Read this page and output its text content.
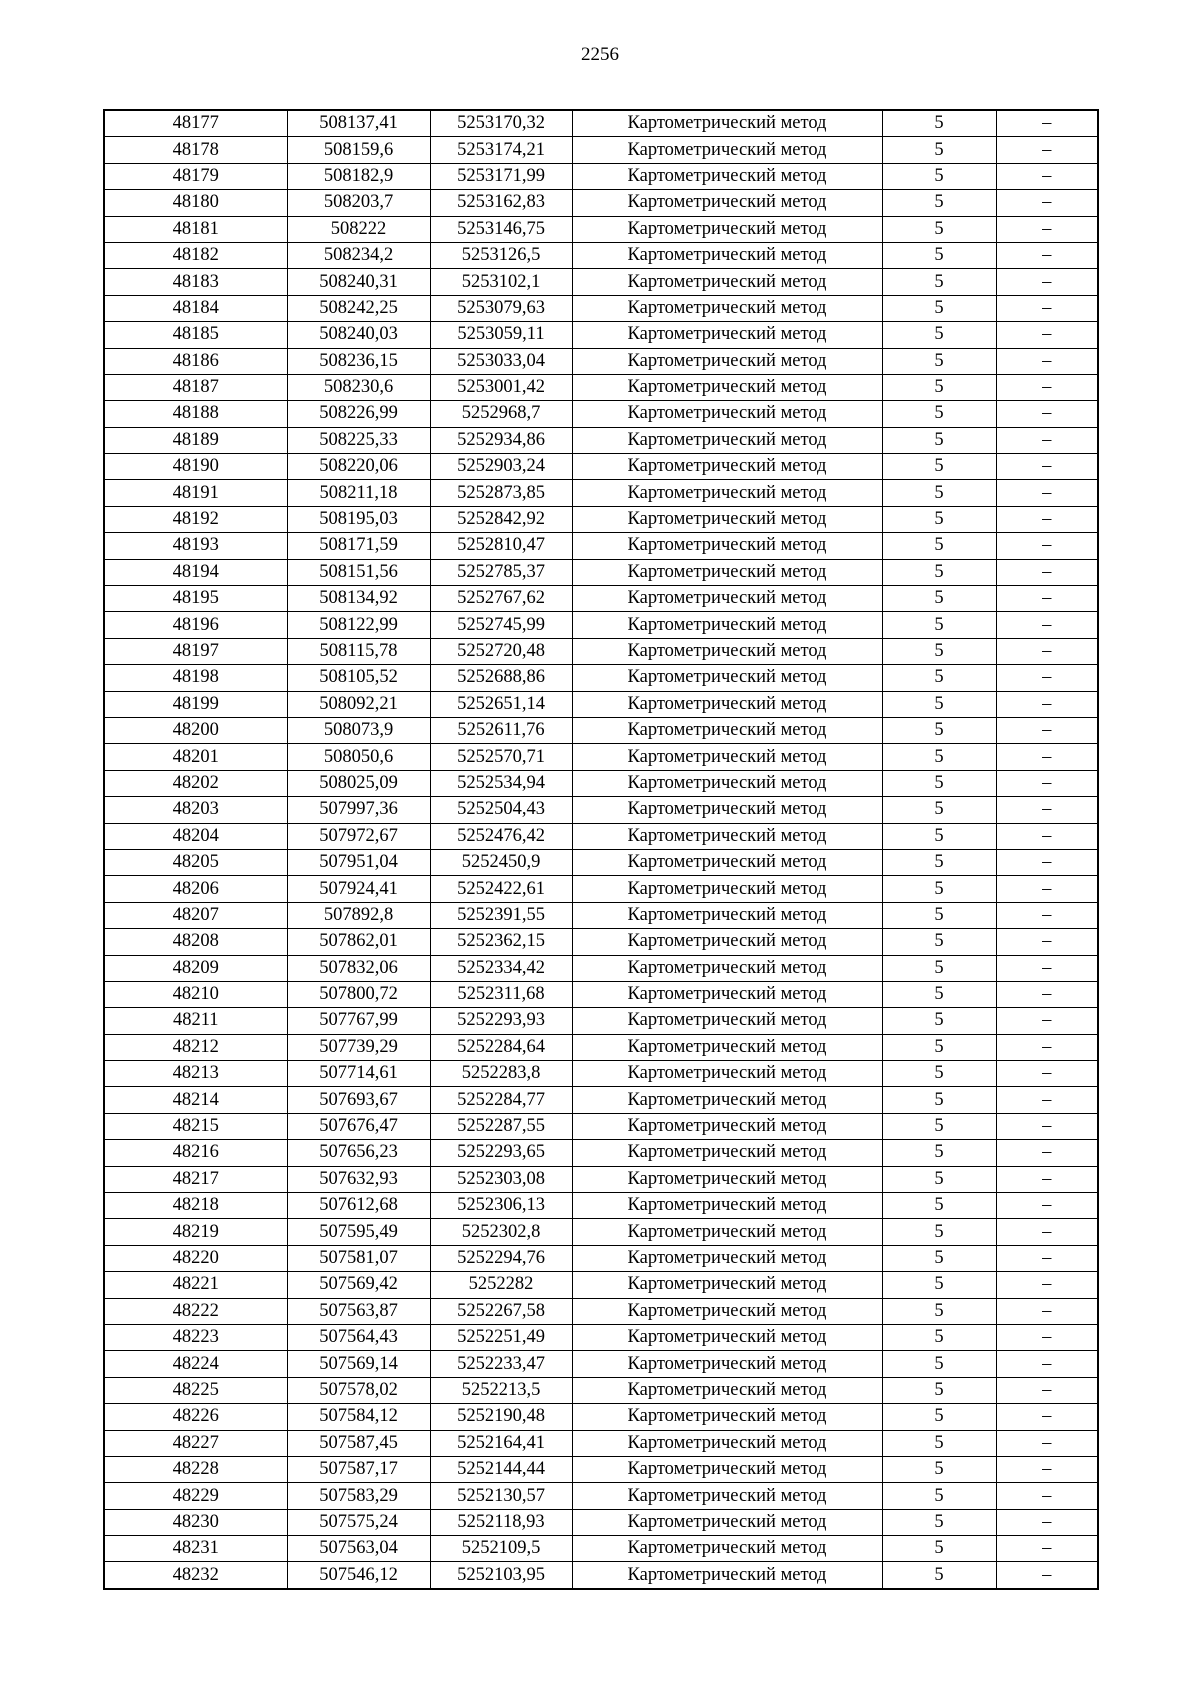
2256
48177	508137,41	5253170,32	Картометрический метод	5	–
48178	508159,6	5253174,21	Картометрический метод	5	–
48179	508182,9	5253171,99	Картометрический метод	5	–
48180	508203,7	5253162,83	Картометрический метод	5	–
48181	508222	5253146,75	Картометрический метод	5	–
48182	508234,2	5253126,5	Картометрический метод	5	–
48183	508240,31	5253102,1	Картометрический метод	5	–
48184	508242,25	5253079,63	Картометрический метод	5	–
48185	508240,03	5253059,11	Картометрический метод	5	–
48186	508236,15	5253033,04	Картометрический метод	5	–
48187	508230,6	5253001,42	Картометрический метод	5	–
48188	508226,99	5252968,7	Картометрический метод	5	–
48189	508225,33	5252934,86	Картометрический метод	5	–
48190	508220,06	5252903,24	Картометрический метод	5	–
48191	508211,18	5252873,85	Картометрический метод	5	–
48192	508195,03	5252842,92	Картометрический метод	5	–
48193	508171,59	5252810,47	Картометрический метод	5	–
48194	508151,56	5252785,37	Картометрический метод	5	–
48195	508134,92	5252767,62	Картометрический метод	5	–
48196	508122,99	5252745,99	Картометрический метод	5	–
48197	508115,78	5252720,48	Картометрический метод	5	–
48198	508105,52	5252688,86	Картометрический метод	5	–
48199	508092,21	5252651,14	Картометрический метод	5	–
48200	508073,9	5252611,76	Картометрический метод	5	–
48201	508050,6	5252570,71	Картометрический метод	5	–
48202	508025,09	5252534,94	Картометрический метод	5	–
48203	507997,36	5252504,43	Картометрический метод	5	–
48204	507972,67	5252476,42	Картометрический метод	5	–
48205	507951,04	5252450,9	Картометрический метод	5	–
48206	507924,41	5252422,61	Картометрический метод	5	–
48207	507892,8	5252391,55	Картометрический метод	5	–
48208	507862,01	5252362,15	Картометрический метод	5	–
48209	507832,06	5252334,42	Картометрический метод	5	–
48210	507800,72	5252311,68	Картометрический метод	5	–
48211	507767,99	5252293,93	Картометрический метод	5	–
48212	507739,29	5252284,64	Картометрический метод	5	–
48213	507714,61	5252283,8	Картометрический метод	5	–
48214	507693,67	5252284,77	Картометрический метод	5	–
48215	507676,47	5252287,55	Картометрический метод	5	–
48216	507656,23	5252293,65	Картометрический метод	5	–
48217	507632,93	5252303,08	Картометрический метод	5	–
48218	507612,68	5252306,13	Картометрический метод	5	–
48219	507595,49	5252302,8	Картометрический метод	5	–
48220	507581,07	5252294,76	Картометрический метод	5	–
48221	507569,42	5252282	Картометрический метод	5	–
48222	507563,87	5252267,58	Картометрический метод	5	–
48223	507564,43	5252251,49	Картометрический метод	5	–
48224	507569,14	5252233,47	Картометрический метод	5	–
48225	507578,02	5252213,5	Картометрический метод	5	–
48226	507584,12	5252190,48	Картометрический метод	5	–
48227	507587,45	5252164,41	Картометрический метод	5	–
48228	507587,17	5252144,44	Картометрический метод	5	–
48229	507583,29	5252130,57	Картометрический метод	5	–
48230	507575,24	5252118,93	Картометрический метод	5	–
48231	507563,04	5252109,5	Картометрический метод	5	–
48232	507546,12	5252103,95	Картометрический метод	5	–
